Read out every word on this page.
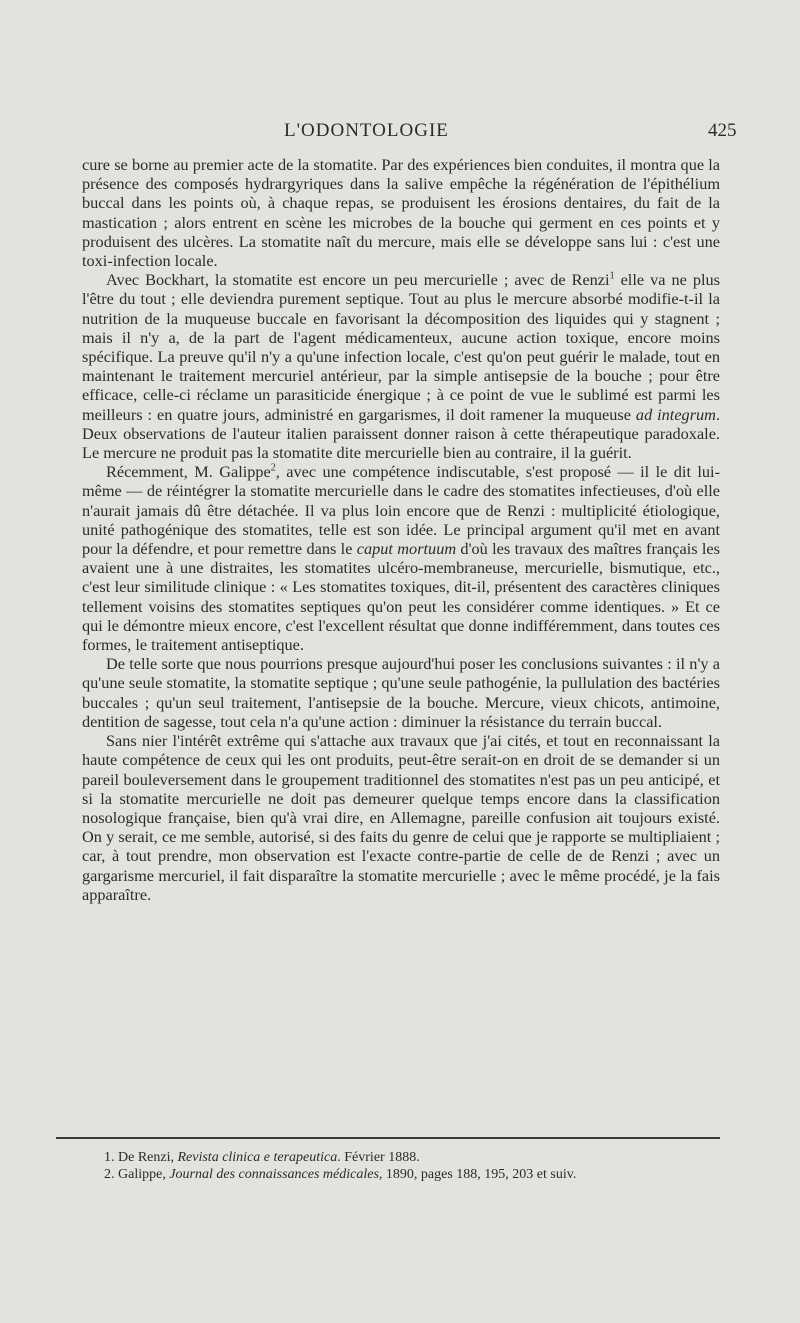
L'ODONTOLOGIE	425

cure se borne au premier acte de la stomatite. Par des expériences bien conduites, il montra que la présence des composés hydrargyriques dans la salive empêche la régénération de l'épithélium buccal dans les points où, à chaque repas, se produisent les érosions dentaires, du fait de la mastication ; alors entrent en scène les microbes de la bouche qui germent en ces points et y produisent des ulcères. La stomatite naît du mercure, mais elle se développe sans lui : c'est une toxi-infection locale.

Avec Bockhart, la stomatite est encore un peu mercurielle ; avec de Renzi$^1$ elle va ne plus l'être du tout ; elle deviendra purement septique. Tout au plus le mercure absorbé modifie-t-il la nutrition de la muqueuse buccale en favorisant la décomposition des liquides qui y stagnent ; mais il n'y a, de la part de l'agent médicamenteux, aucune action toxique, encore moins spécifique. La preuve qu'il n'y a qu'une infection locale, c'est qu'on peut guérir le malade, tout en maintenant le traitement mercuriel antérieur, par la simple antisepsie de la bouche ; pour être efficace, celle-ci réclame un parasiticide énergique ; à ce point de vue le sublimé est parmi les meilleurs : en quatre jours, administré en gargarismes, il doit ramener la muqueuse ad integrum. Deux observations de l'auteur italien paraissent donner raison à cette thérapeutique paradoxale. Le mercure ne produit pas la stomatite dite mercurielle bien au contraire, il la guérit.

Récemment, M. Galippe$^2$, avec une compétence indiscutable, s'est proposé — il le dit lui-même — de réintégrer la stomatite mercurielle dans le cadre des stomatites infectieuses, d'où elle n'aurait jamais dû être détachée. Il va plus loin encore que de Renzi : multiplicité étiologique, unité pathogénique des stomatites, telle est son idée. Le principal argument qu'il met en avant pour la défendre, et pour remettre dans le caput mortuum d'où les travaux des maîtres français les avaient une à une distraites, les stomatites ulcéro-membraneuse, mercurielle, bismutique, etc., c'est leur similitude clinique : « Les stomatites toxiques, dit-il, présentent des caractères cliniques tellement voisins des stomatites septiques qu'on peut les considérer comme identiques. » Et ce qui le démontre mieux encore, c'est l'excellent résultat que donne indifféremment, dans toutes ces formes, le traitement antiseptique.

De telle sorte que nous pourrions presque aujourd'hui poser les conclusions suivantes : il n'y a qu'une seule stomatite, la stomatite septique ; qu'une seule pathogénie, la pullulation des bactéries buccales ; qu'un seul traitement, l'antisepsie de la bouche. Mercure, vieux chicots, antimoine, dentition de sagesse, tout cela n'a qu'une action : diminuer la résistance du terrain buccal.

Sans nier l'intérêt extrême qui s'attache aux travaux que j'ai cités, et tout en reconnaissant la haute compétence de ceux qui les ont produits, peut-être serait-on en droit de se demander si un pareil bouleversement dans le groupement traditionnel des stomatites n'est pas un peu anticipé, et si la stomatite mercurielle ne doit pas demeurer quelque temps encore dans la classification nosologique française, bien qu'à vrai dire, en Allemagne, pareille confusion ait toujours existé. On y serait, ce me semble, autorisé, si des faits du genre de celui que je rapporte se multipliaient ; car, à tout prendre, mon observation est l'exacte contre-partie de celle de de Renzi ; avec un gargarisme mercuriel, il fait disparaître la stomatite mercurielle ; avec le même procédé, je la fais apparaître.

1. De Renzi, Revista clinica e terapeutica. Février 1888.

2. Galippe, Journal des connaissances médicales, 1890, pages 188, 195, 203 et suiv.
